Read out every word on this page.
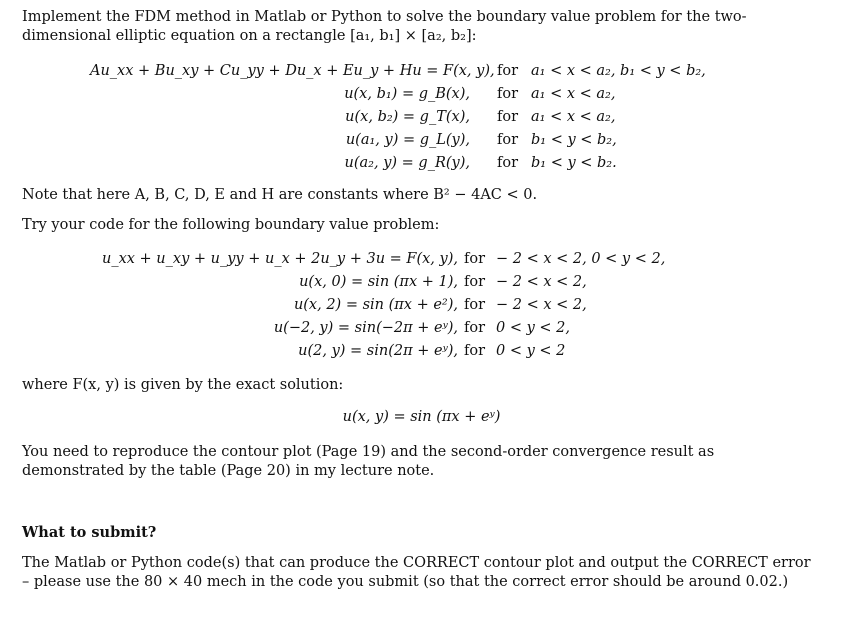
Implement the FDM method in Matlab or Python to solve the boundary value problem for the two-dimensional elliptic equation on a rectangle [a₁, b₁] × [a₂, b₂]:

Au_xx + Bu_xy + Cu_yy + Du_x + Eu_y + Hu = F(x, y), for a₁ < x < a₂, b₁ < y < b₂,
u(x, b₁) = g_B(x), for a₁ < x < a₂,
u(x, b₂) = g_T(x), for a₁ < x < a₂,
u(a₁, y) = g_L(y), for b₁ < y < b₂,
u(a₂, y) = g_R(y), for b₁ < y < b₂.

Note that here A, B, C, D, E and H are constants where B² − 4AC < 0.

Try your code for the following boundary value problem:

u_xx + u_xy + u_yy + u_x + 2u_y + 3u = F(x, y), for − 2 < x < 2, 0 < y < 2,
u(x, 0) = sin (πx + 1), for − 2 < x < 2,
u(x, 2) = sin (πx + e²), for − 2 < x < 2,
u(−2, y) = sin(−2π + eʸ), for 0 < y < 2,
u(2, y) = sin(2π + eʸ), for 0 < y < 2

where F(x, y) is given by the exact solution:

u(x, y) = sin (πx + eʸ)

You need to reproduce the contour plot (Page 19) and the second-order convergence result as demonstrated by the table (Page 20) in my lecture note.

What to submit?

The Matlab or Python code(s) that can produce the CORRECT contour plot and output the CORRECT error – please use the 80 × 40 mech in the code you submit (so that the correct error should be around 0.02.)
